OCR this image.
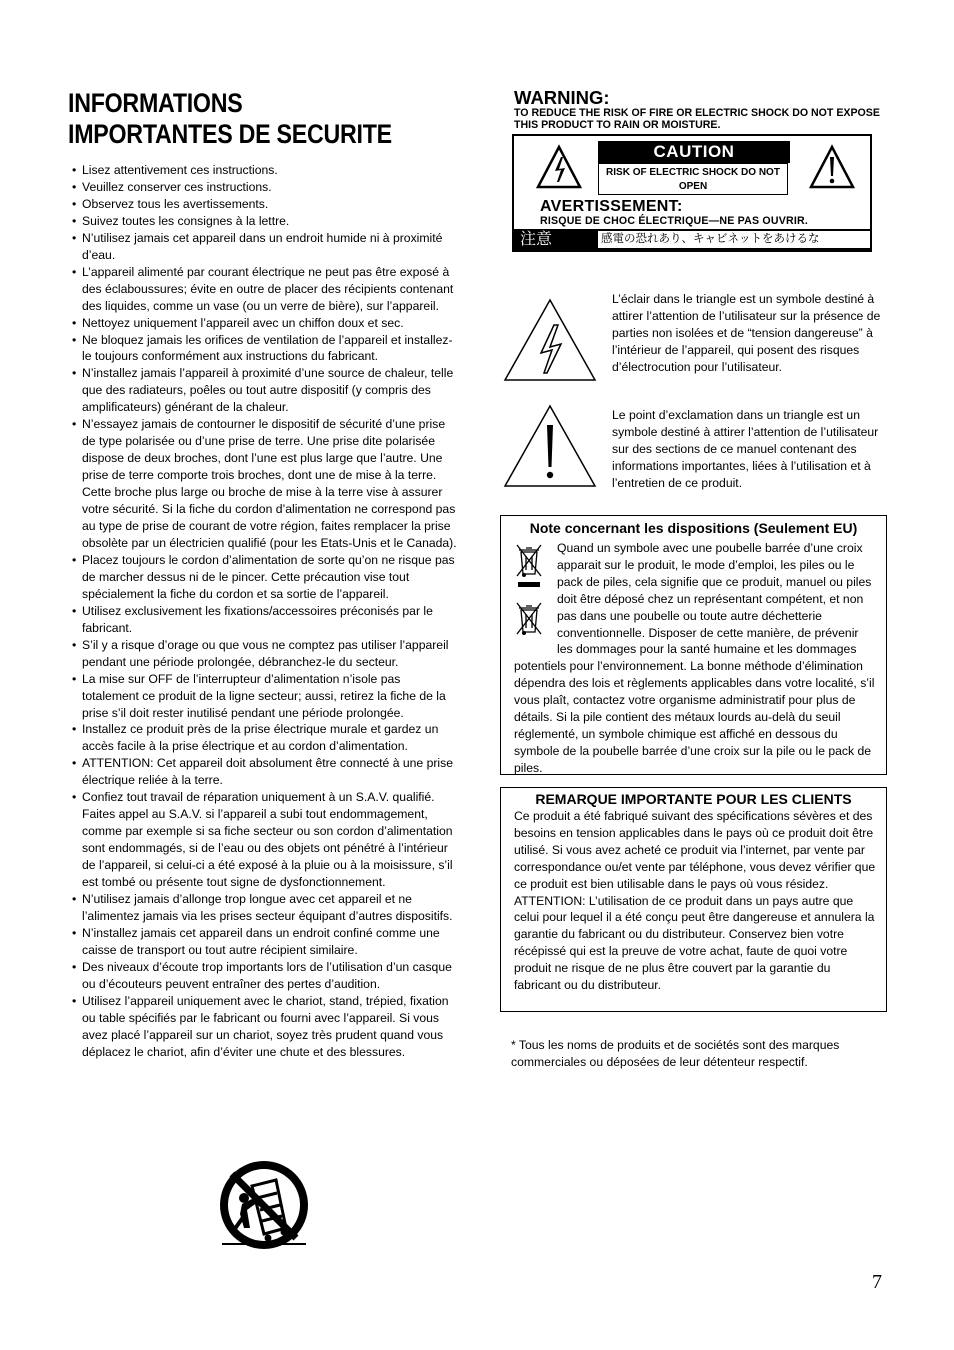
INFORMATIONS IMPORTANTES DE SECURITE
• Lisez attentivement ces instructions.
• Veuillez conserver ces instructions.
• Observez tous les avertissements.
• Suivez toutes les consignes à la lettre.
• N’utilisez jamais cet appareil dans un endroit humide ni à proximité d’eau.
• L’appareil alimenté par courant électrique ne peut pas être exposé à des éclaboussures; évite en outre de placer des récipients contenant des liquides, comme un vase (ou un verre de bière), sur l’appareil.
• Nettoyez uniquement l’appareil avec un chiffon doux et sec.
• Ne bloquez jamais les orifices de ventilation de l’appareil et installez-le toujours conformément aux instructions du fabricant.
• N’installez jamais l’appareil à proximité d’une source de chaleur, telle que des radiateurs, poêles ou tout autre dispositif (y compris des amplificateurs) générant de la chaleur.
• N’essayez jamais de contourner le dispositif de sécurité d’une prise de type polarisée ou d’une prise de terre. Une prise dite polarisée dispose de deux broches, dont l’une est plus large que l’autre. Une prise de terre comporte trois broches, dont une de mise à la terre. Cette broche plus large ou broche de mise à la terre vise à assurer votre sécurité. Si la fiche du cordon d’alimentation ne correspond pas au type de prise de courant de votre région, faites remplacer la prise obsolète par un électricien qualifié (pour les Etats-Unis et le Canada).
• Placez toujours le cordon d’alimentation de sorte qu’on ne risque pas de marcher dessus ni de le pincer. Cette précaution vise tout spécialement la fiche du cordon et sa sortie de l’appareil.
• Utilisez exclusivement les fixations/accessoires préconisés par le fabricant.
• S’il y a risque d’orage ou que vous ne comptez pas utiliser l’appareil pendant une période prolongée, débranchez-le du secteur.
• La mise sur OFF de l’interrupteur d’alimentation n’isole pas totalement ce produit de la ligne secteur; aussi, retirez la fiche de la prise s’il doit rester inutilisé pendant une période prolongée.
• Installez ce produit près de la prise électrique murale et gardez un accès facile à la prise électrique et au cordon d’alimentation.
• ATTENTION: Cet appareil doit absolument être connecté à une prise électrique reliée à la terre.
• Confiez tout travail de réparation uniquement à un S.A.V. qualifié. Faites appel au S.A.V. si l’appareil a subi tout endommagement, comme par exemple si sa fiche secteur ou son cordon d’alimentation sont endommagés, si de l’eau ou des objets ont pénétré à l’intérieur de l’appareil, si celui-ci a été exposé à la pluie ou à la moisissure, s’il est tombé ou présente tout signe de dysfonctionnement.
• N’utilisez jamais d’allonge trop longue avec cet appareil et ne l’alimentez jamais via les prises secteur équipant d’autres dispositifs.
• N’installez jamais cet appareil dans un endroit confiné comme une caisse de transport ou tout autre récipient similaire.
• Des niveaux d’écoute trop importants lors de l’utilisation d’un casque ou d’écouteurs peuvent entraîner des pertes d’audition.
• Utilisez l’appareil uniquement avec le chariot, stand, trépied, fixation ou table spécifiés par le fabricant ou fourni avec l’appareil. Si vous avez placé l’appareil sur un chariot, soyez très prudent quand vous déplacez le chariot, afin d’éviter une chute et des blessures.
WARNING:
TO REDUCE THE RISK OF FIRE OR ELECTRIC SHOCK DO NOT EXPOSE THIS PRODUCT TO RAIN OR MOISTURE.
CAUTION
RISK OF ELECTRIC SHOCK DO NOT OPEN
AVERTISSEMENT:
RISQUE DE CHOC ÉLECTRIQUE—NE PAS OUVRIR.
注意	感電の恐れあり、キャビネットをあけるな
L’éclair dans le triangle est un symbole destiné à attirer l’attention de l’utilisateur sur la présence de parties non isolées et de “tension dangereuse” à l’intérieur de l’appareil, qui posent des risques d’électrocution pour l’utilisateur.
Le point d’exclamation dans un triangle est un symbole destiné à attirer l’attention de l’utilisateur sur des sections de ce manuel contenant des informations importantes, liées à l’utilisation et à l’entretien de ce produit.
Note concernant les dispositions (Seulement EU)
Quand un symbole avec une poubelle barrée d’une croix apparait sur le produit, le mode d’emploi, les piles ou le pack de piles, cela signifie que ce produit, manuel ou piles doit être déposé chez un représentant compétent, et non pas dans une poubelle ou toute autre déchetterie conventionnelle. Disposer de cette manière, de prévenir les dommages pour la santé humaine et les dommages potentiels pour l’environnement. La bonne méthode d’élimination dépendra des lois et règlements applicables dans votre localité, s’il vous plaît, contactez votre organisme administratif pour plus de détails. Si la pile contient des métaux lourds au-delà du seuil réglementé, un symbole chimique est affiché en dessous du symbole de la poubelle barrée d’une croix sur la pile ou le pack de piles.
REMARQUE IMPORTANTE POUR LES CLIENTS

Ce produit a été fabriqué suivant des spécifications sévères et des besoins en tension applicables dans le pays où ce produit doit être utilisé. Si vous avez acheté ce produit via l’internet, par vente par correspondance ou/et vente par téléphone, vous devez vérifier que ce produit est bien utilisable dans le pays où vous résidez.

ATTENTION: L’utilisation de ce produit dans un pays autre que celui pour lequel il a été conçu peut être dangereuse et annulera la garantie du fabricant ou du distributeur. Conservez bien votre récépissé qui est la preuve de votre achat, faute de quoi votre produit ne risque de ne plus être couvert par la garantie du fabricant ou du distributeur.

* Tous les noms de produits et de sociétés sont des marques commerciales ou déposées de leur détenteur respectif.
7
